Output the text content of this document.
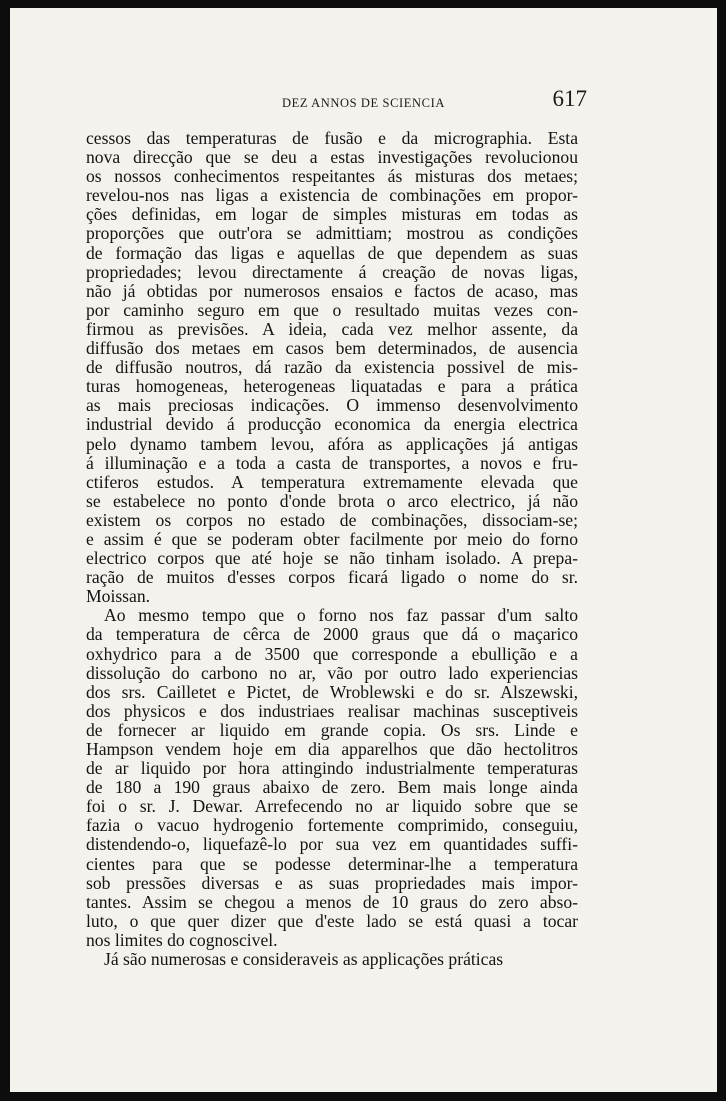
DEZ ANNOS DE SCIENCIA	617
cessos das temperaturas de fusão e da micrographia. Esta
nova direcção que se deu a estas investigações revolucionou
os nossos conhecimentos respeitantes ás misturas dos metaes;
revelou-nos nas ligas a existencia de combinações em propor-
ções definidas, em logar de simples misturas em todas as
proporções que outr'ora se admittiam; mostrou as condições
de formação das ligas e aquellas de que dependem as suas
propriedades; levou directamente á creação de novas ligas,
não já obtidas por numerosos ensaios e factos de acaso, mas
por caminho seguro em que o resultado muitas vezes con-
firmou as previsões. A ideia, cada vez melhor assente, da
diffusão dos metaes em casos bem determinados, de ausencia
de diffusão noutros, dá razão da existencia possivel de mis-
turas homogeneas, heterogeneas liquatadas e para a prática
as mais preciosas indicações. O immenso desenvolvimento
industrial devido á producção economica da energia electrica
pelo dynamo tambem levou, afóra as applicações já antigas
á illuminação e a toda a casta de transportes, a novos e fru-
ctiferos estudos. A temperatura extremamente elevada que
se estabelece no ponto d'onde brota o arco electrico, já não
existem os corpos no estado de combinações, dissociam-se;
e assim é que se poderam obter facilmente por meio do forno
electrico corpos que até hoje se não tinham isolado. A prepa-
ração de muitos d'esses corpos ficará ligado o nome do sr.
Moissan.
Ao mesmo tempo que o forno nos faz passar d'um salto
da temperatura de cêrca de 2000 graus que dá o maçarico
oxhydrico para a de 3500 que corresponde a ebullição e a
dissolução do carbono no ar, vão por outro lado experiencias
dos srs. Cailletet e Pictet, de Wroblewski e do sr. Alszewski,
dos physicos e dos industriaes realisar machinas susceptiveis
de fornecer ar liquido em grande copia. Os srs. Linde e
Hampson vendem hoje em dia apparelhos que dão hectolitros
de ar liquido por hora attingindo industrialmente temperaturas
de 180 a 190 graus abaixo de zero. Bem mais longe ainda
foi o sr. J. Dewar. Arrefecendo no ar liquido sobre que se
fazia o vacuo hydrogenio fortemente comprimido, conseguiu,
distendendo-o, liquefazê-lo por sua vez em quantidades suffi-
cientes para que se podesse determinar-lhe a temperatura
sob pressões diversas e as suas propriedades mais impor-
tantes. Assim se chegou a menos de 10 graus do zero abso-
luto, o que quer dizer que d'este lado se está quasi a tocar
nos limites do cognoscivel.
Já são numerosas e consideraveis as applicações práticas
